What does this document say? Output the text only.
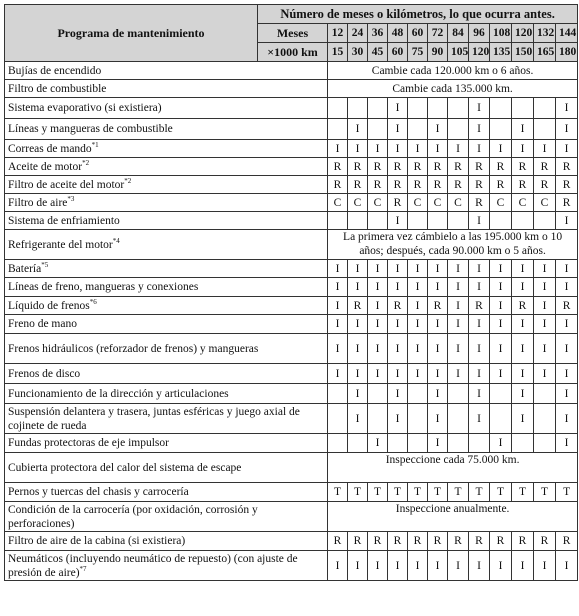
Programa de mantenimiento	Número de meses o kilómetros, lo que ocurra antes.												
	Meses	12	24	36	48	60	72	84	96	108	120	132	144
	×1000 km	15	30	45	60	75	90	105	120	135	150	165	180
Bujías de encendido		Cambie cada 120.000 km o 6 años.											
Filtro de combustible		Cambie cada 135.000 km.											
Sistema evaporativo (si existiera)					I				I				I
Líneas y mangueras de combustible			I		I		I		I		I		I
Correas de mando$^{*1}$		I	I	I	I	I	I	I	I	I	I	I	I
Aceite de motor$^{*2}$		R	R	R	R	R	R	R	R	R	R	R	R
Filtro de aceite del motor$^{*2}$		R	R	R	R	R	R	R	R	R	R	R	R
Filtro de aire$^{*3}$		C	C	C	R	C	C	C	R	C	C	C	R
Sistema de enfriamiento					I				I				I
Refrigerante del motor$^{*4}$		La primera vez cámbielo a las 195.000 km o 10 años; después, cada 90.000 km o 5 años.											
Batería$^{*5}$		I	I	I	I	I	I	I	I	I	I	I	I
Líneas de freno, mangueras y conexiones		I	I	I	I	I	I	I	I	I	I	I	I
Líquido de frenos$^{*6}$		I	R	I	R	I	R	I	R	I	R	I	R
Freno de mano		I	I	I	I	I	I	I	I	I	I	I	I
Frenos hidráulicos (reforzador de frenos) y mangueras		I	I	I	I	I	I	I	I	I	I	I	I
Frenos de disco		I	I	I	I	I	I	I	I	I	I	I	I
Funcionamiento de la dirección y articulaciones			I		I		I		I		I		I
Suspensión delantera y trasera, juntas esféricas y juego axial de cojinete de rueda			I		I		I		I		I		I
Fundas protectoras de eje impulsor				I			I			I			I
Cubierta protectora del calor del sistema de escape		Inspeccione cada 75.000 km.											
Pernos y tuercas del chasis y carrocería		T	T	T	T	T	T	T	T	T	T	T	T
Condición de la carrocería (por oxidación, corrosión y perforaciones)		Inspeccione anualmente.											
Filtro de aire de la cabina (si existiera)		R	R	R	R	R	R	R	R	R	R	R	R
Neumáticos (incluyendo neumático de repuesto) (con ajuste de presión de aire)$^{*7}$		I	I	I	I	I	I	I	I	I	I	I	I
